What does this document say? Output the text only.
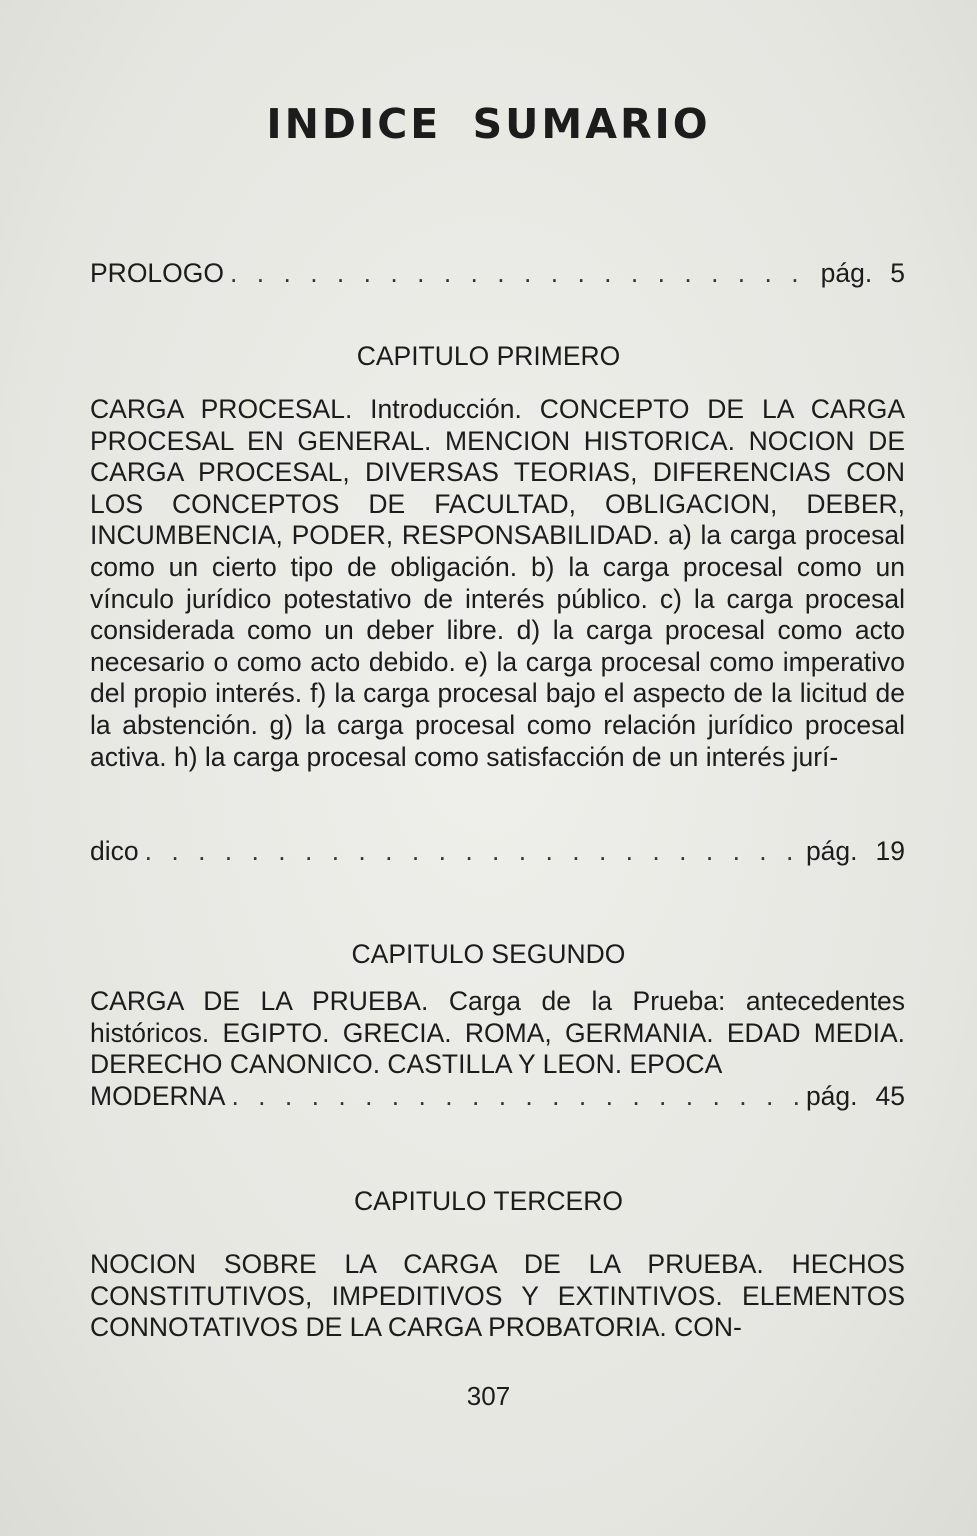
INDICE SUMARIO
PROLOGO . . .	pág. 5
CAPITULO PRIMERO
CARGA PROCESAL. Introducción. CONCEPTO DE LA CARGA PROCESAL EN GENERAL. MENCION HISTORICA. NOCION DE CARGA PROCESAL, DIVERSAS TEORIAS, DIFERENCIAS CON LOS CONCEPTOS DE FACULTAD, OBLIGACION, DEBER, INCUMBENCIA, PODER, RESPONSABILIDAD. a) la carga procesal como un cierto tipo de obligación. b) la carga procesal como un vínculo jurídico potestativo de interés público. c) la carga procesal considerada como un deber libre. d) la carga procesal como acto necesario o como acto debido. e) la carga procesal como imperativo del propio interés. f) la carga procesal bajo el aspecto de la licitud de la abstención. g) la carga procesal como relación jurídico procesal activa. h) la carga procesal como satisfacción de un interés jurí-
dico . . .	pág. 19
CAPITULO SEGUNDO
CARGA DE LA PRUEBA. Carga de la Prueba: antecedentes históricos. EGIPTO. GRECIA. ROMA, GERMANIA. EDAD MEDIA. DERECHO CANONICO. CASTILLA Y LEON. EPOCA
MODERNA . . .	pág. 45
CAPITULO TERCERO
NOCION SOBRE LA CARGA DE LA PRUEBA. HECHOS CONSTITUTIVOS, IMPEDITIVOS Y EXTINTIVOS. ELEMENTOS CONNOTATIVOS DE LA CARGA PROBATORIA. CON-
307
